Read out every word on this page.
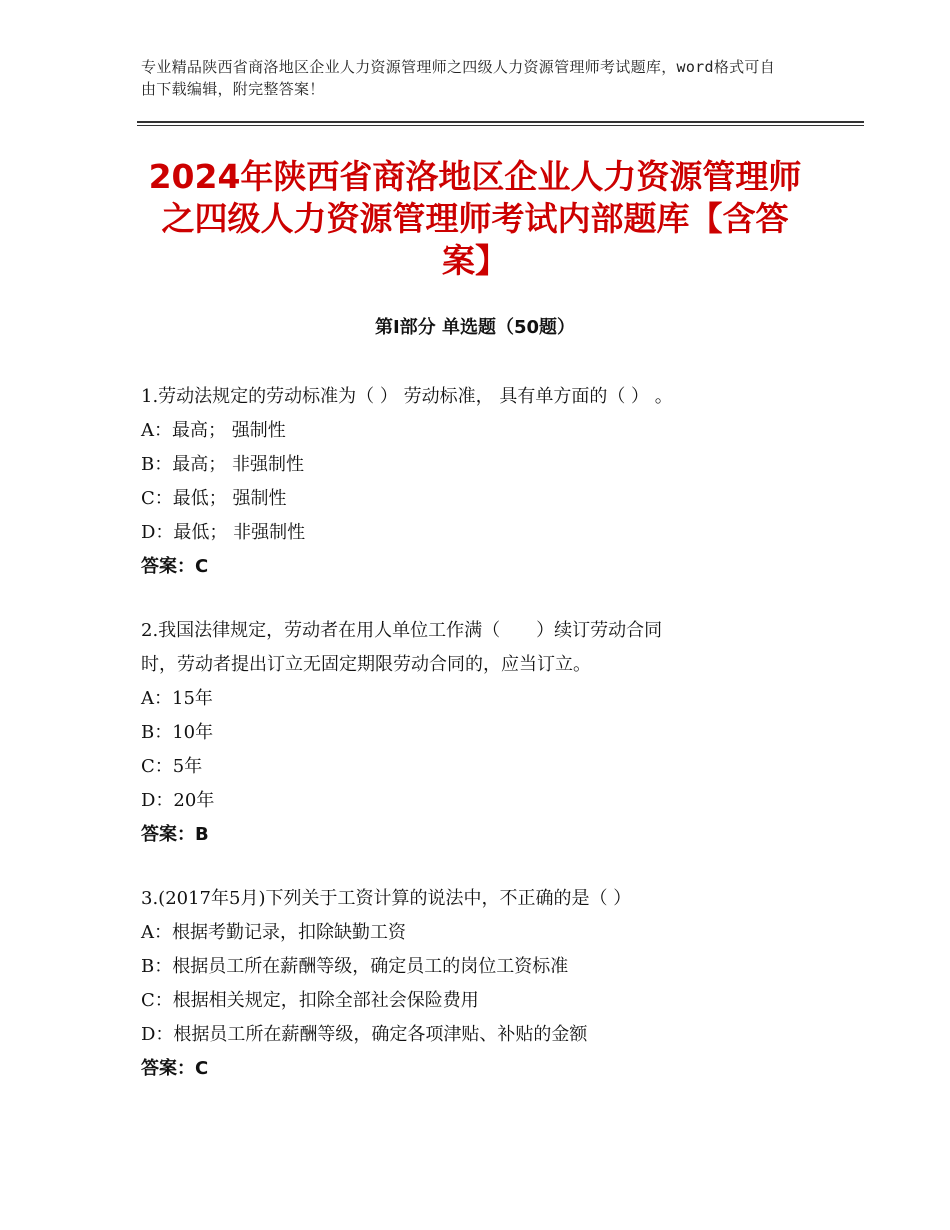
专业精品陕西省商洛地区企业人力资源管理师之四级人力资源管理师考试题库，word格式可自由下载编辑，附完整答案！
2024年陕西省商洛地区企业人力资源管理师之四级人力资源管理师考试内部题库【含答案】
第Ⅰ部分 单选题（50题）
1.劳动法规定的劳动标准为（ ） 劳动标准， 具有单方面的（ ） 。
A：最高； 强制性
B：最高； 非强制性
C：最低； 强制性
D：最低； 非强制性
答案：C
2.我国法律规定，劳动者在用人单位工作满（　　）续订劳动合同
时，劳动者提出订立无固定期限劳动合同的，应当订立。
A：15年
B：10年
C：5年
D：20年
答案：B
3.(2017年5月)下列关于工资计算的说法中，不正确的是（ ）
A：根据考勤记录，扣除缺勤工资
B：根据员工所在薪酬等级，确定员工的岗位工资标准
C：根据相关规定，扣除全部社会保险费用
D：根据员工所在薪酬等级，确定各项津贴、补贴的金额
答案：C
